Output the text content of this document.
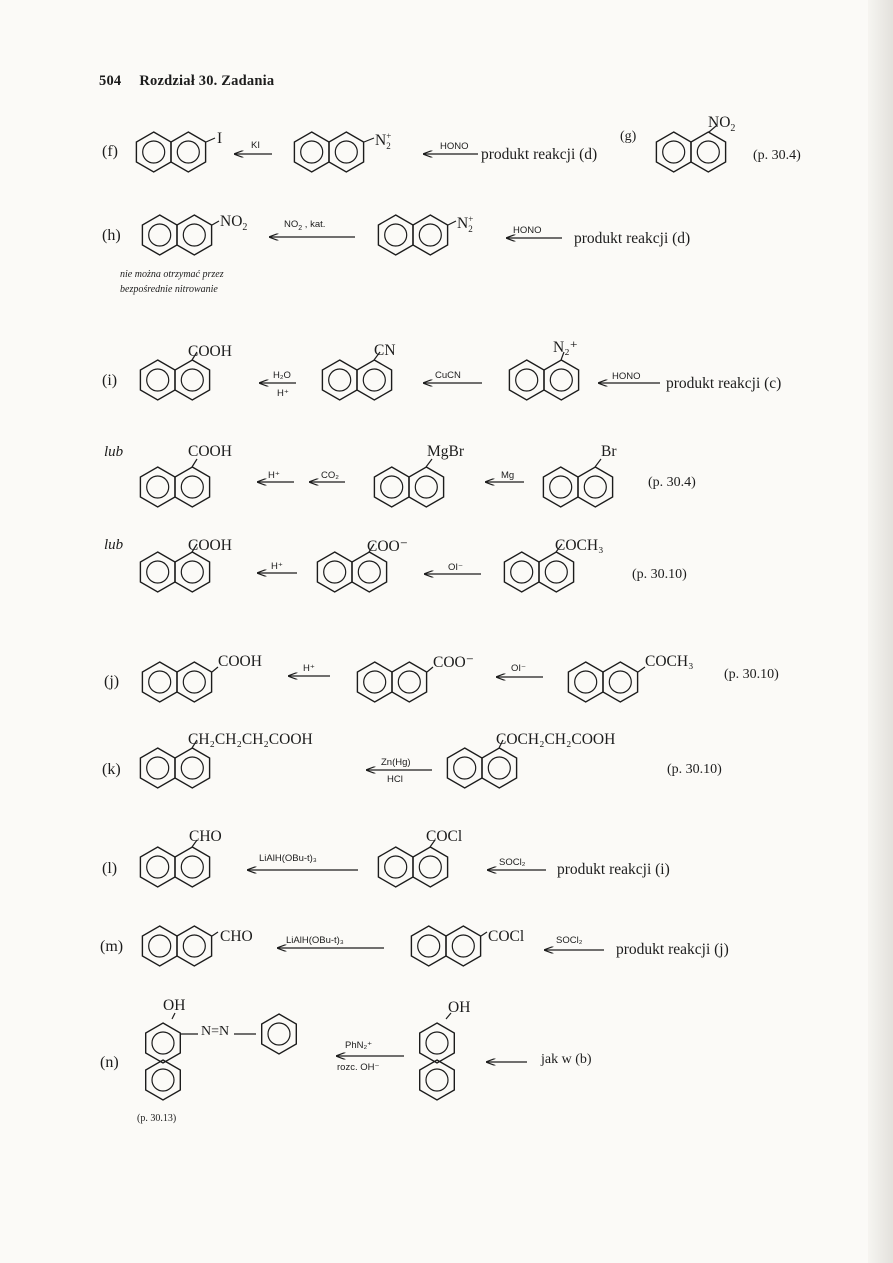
504 Rozdział 30. Zadania
(f)
I	KI	$N^+_2$	HONO produkt reakcji (d)
(g)
$NO_2$
(p. 30.4)
(h)
$NO_2$	$NO_2$ , kat.	$N^+_2$	HONO produkt reakcji (d)
nie można otrzymać przez
bezpośrednie nitrowanie
(i)
COOH
H₂O
H⁺
CN
CuCN
N₂⁺
HONO produkt reakcji (c)
lub	COOH
H⁺	CO₂
MgBr
Mg
Br
(p. 30.4)
lub	COOH
H⁺
COO⁻
OI⁻
COCH₃
(p. 30.10)
(j)
COOH	H⁺	COO⁻	OI⁻	COCH₃
(p. 30.10)
(k)
CH₂CH₂CH₂COOH
Zn(Hg)
HCl
COCH₂CH₂COOH
(p. 30.10)
(l)
CHO
LiAlH(OBu-t)₃
COCl
SOCl₂ produkt reakcji (i)
(m)
CHO	LiAlH(OBu-t)₃	COCl	SOCl₂
produkt reakcji (j)
(n)
OH
N=N
PhN₂⁺
rozc. OH⁻
OH
jak w (b)
(p. 30.13)
